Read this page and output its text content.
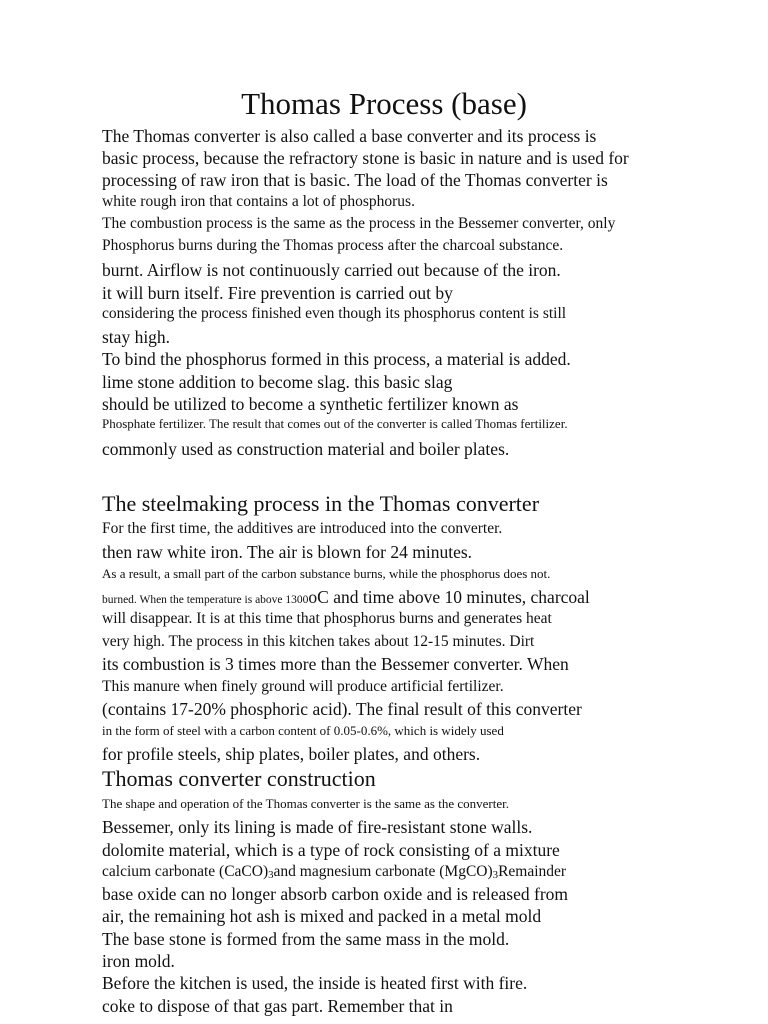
Thomas Process (base)
The Thomas converter is also called a base converter and its process is
basic process, because the refractory stone is basic in nature and is used for
processing of raw iron that is basic. The load of the Thomas converter is
white rough iron that contains a lot of phosphorus.
The combustion process is the same as the process in the Bessemer converter, only
Phosphorus burns during the Thomas process after the charcoal substance.
burnt. Airflow is not continuously carried out because of the iron.
it will burn itself. Fire prevention is carried out by
considering the process finished even though its phosphorus content is still
stay high.
To bind the phosphorus formed in this process, a material is added.
lime stone addition to become slag. this basic slag
should be utilized to become a synthetic fertilizer known as
Phosphate fertilizer. The result that comes out of the converter is called Thomas fertilizer.
commonly used as construction material and boiler plates.
The steelmaking process in the Thomas converter
For the first time, the additives are introduced into the converter.
then raw white iron. The air is blown for 24 minutes.
As a result, a small part of the carbon substance burns, while the phosphorus does not.
burned. When the temperature is above 1300oC and time above 10 minutes, charcoal
will disappear. It is at this time that phosphorus burns and generates heat
very high. The process in this kitchen takes about 12-15 minutes. Dirt
its combustion is 3 times more than the Bessemer converter. When
This manure when finely ground will produce artificial fertilizer.
(contains 17-20% phosphoric acid). The final result of this converter
in the form of steel with a carbon content of 0.05-0.6%, which is widely used
for profile steels, ship plates, boiler plates, and others.
Thomas converter construction
The shape and operation of the Thomas converter is the same as the converter.
Bessemer, only its lining is made of fire-resistant stone walls.
dolomite material, which is a type of rock consisting of a mixture
calcium carbonate $(CaCO)_3and$ magnesium carbonate $(MgCO)_3Remainder$
base oxide can no longer absorb carbon oxide and is released from
air, the remaining hot ash is mixed and packed in a metal mold
The base stone is formed from the same mass in the mold.
iron mold.
Before the kitchen is used, the inside is heated first with fire.
coke to dispose of that gas part. Remember that in
